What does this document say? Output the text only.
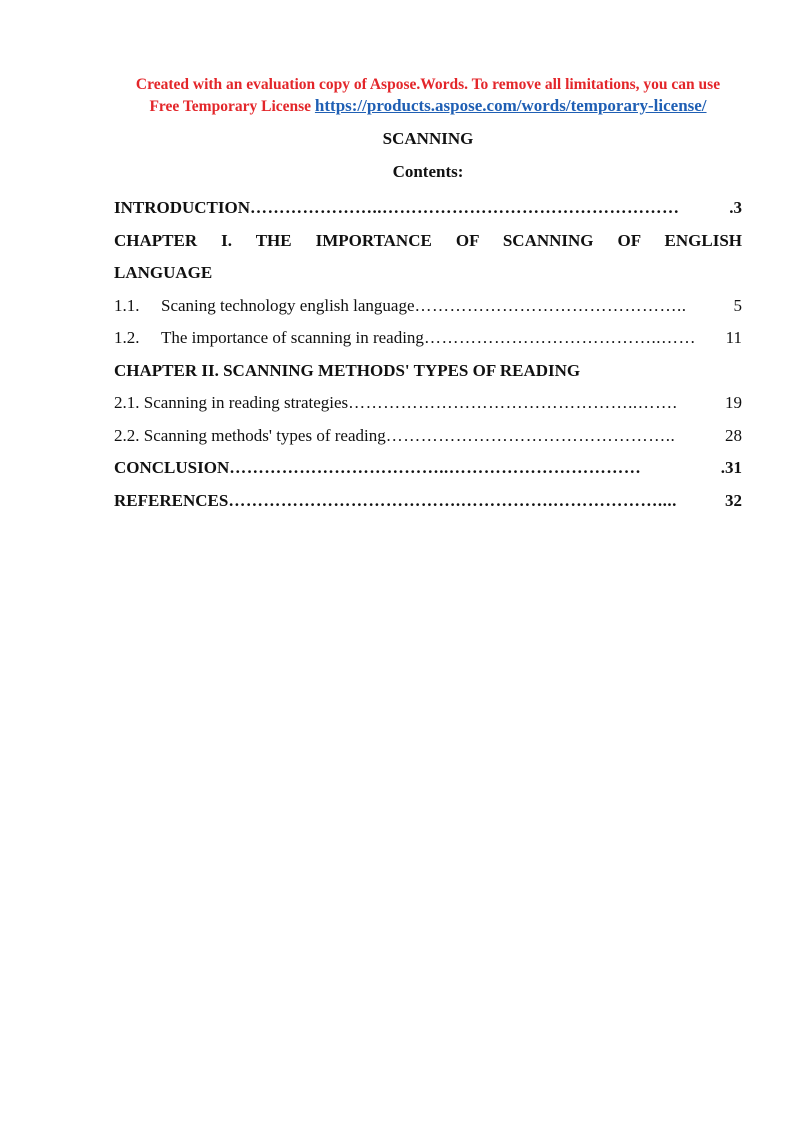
Created with an evaluation copy of Aspose.Words. To remove all limitations, you can use
Free Temporary License https://products.aspose.com/words/temporary-license/
SCANNING
Contents:
INTRODUCTION …………………..……………………………………………	.3
CHAPTER I. THE IMPORTANCE OF SCANNING OF ENGLISH LANGUAGE
1.1.	Scaning technology english language ………………………………………..	5
1.2.	The importance of scanning in reading …………………………………..……	11
CHAPTER II. SCANNING METHODS' TYPES OF READING
2.1. Scanning in reading strategies …………………………………………..…….	19
2.2. Scanning methods' types of reading …………………………………………..	28
CONCLUSION ………………………………..……………………………	.31
REFERENCES ………………………………….…………….………………....	32
